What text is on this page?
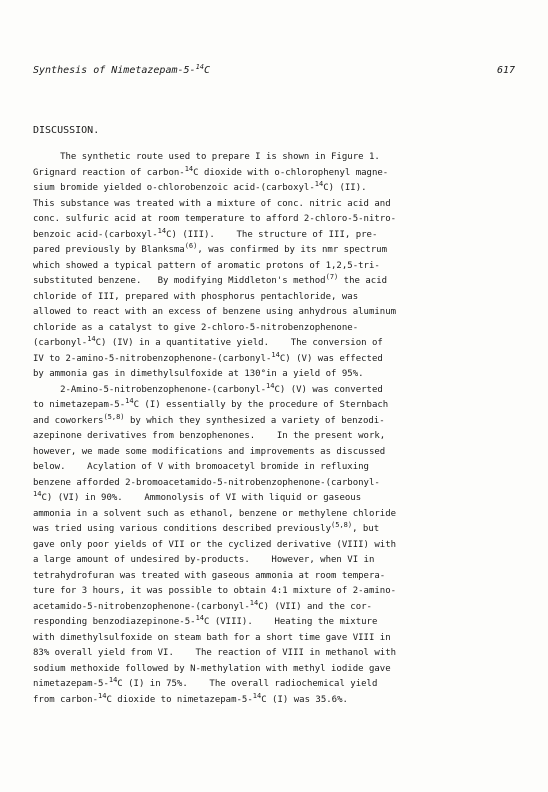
Synthesis of Nimetazepam-5-$^{14}$C	617
DISCUSSION.
The synthetic route used to prepare I is shown in Figure 1.
Grignard reaction of carbon-$^{14}$C dioxide with o-chlorophenyl magne-
sium bromide yielded o-chlorobenzoic acid-(carboxyl-$^{14}$C) (II).
This substance was treated with a mixture of conc. nitric acid and
conc. sulfuric acid at room temperature to afford 2-chloro-5-nitro-
benzoic acid-(carboxyl-$^{14}$C) (III).    The structure of III, pre-
pared previously by Blanksma$^{(6)}$, was confirmed by its nmr spectrum
which showed a typical pattern of aromatic protons of 1,2,5-tri-
substituted benzene.   By modifying Middleton's method$^{(7)}$ the acid
chloride of III, prepared with phosphorus pentachloride, was
allowed to react with an excess of benzene using anhydrous aluminum
chloride as a catalyst to give 2-chloro-5-nitrobenzophenone-
(carbonyl-$^{14}$C) (IV) in a quantitative yield.    The conversion of
IV to 2-amino-5-nitrobenzophenone-(carbonyl-$^{14}$C) (V) was effected
by ammonia gas in dimethylsulfoxide at 130°in a yield of 95%.
2-Amino-5-nitrobenzophenone-(carbonyl-$^{14}$C) (V) was converted
to nimetazepam-5-$^{14}$C (I) essentially by the procedure of Sternbach
and coworkers$^{(5,8)}$ by which they synthesized a variety of benzodi-
azepinone derivatives from benzophenones.    In the present work,
however, we made some modifications and improvements as discussed
below.    Acylation of V with bromoacetyl bromide in refluxing
benzene afforded 2-bromoacetamido-5-nitrobenzophenone-(carbonyl-
$^{14}$C) (VI) in 90%.    Ammonolysis of VI with liquid or gaseous
ammonia in a solvent such as ethanol, benzene or methylene chloride
was tried using various conditions described previously$^{(5,8)}$, but
gave only poor yields of VII or the cyclized derivative (VIII) with
a large amount of undesired by-products.    However, when VI in
tetrahydrofuran was treated with gaseous ammonia at room tempera-
ture for 3 hours, it was possible to obtain 4:1 mixture of 2-amino-
acetamido-5-nitrobenzophenone-(carbonyl-$^{14}$C) (VII) and the cor-
responding benzodiazepinone-5-$^{14}$C (VIII).    Heating the mixture
with dimethylsulfoxide on steam bath for a short time gave VIII in
83% overall yield from VI.    The reaction of VIII in methanol with
sodium methoxide followed by N-methylation with methyl iodide gave
nimetazepam-5-$^{14}$C (I) in 75%.    The overall radiochemical yield
from carbon-$^{14}$C dioxide to nimetazepam-5-$^{14}$C (I) was 35.6%.
